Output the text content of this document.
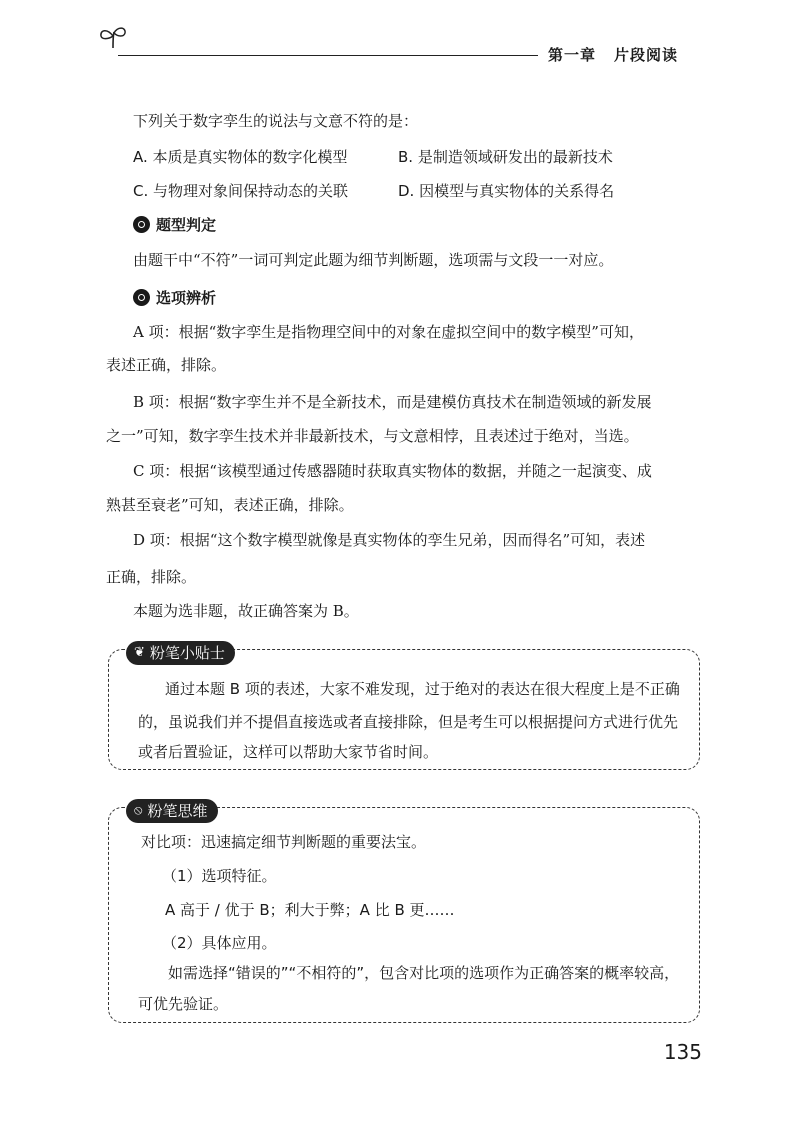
第一章 片段阅读
下列关于数字孪生的说法与文意不符的是：
A. 本质是真实物体的数字化模型	B. 是制造领域研发出的最新技术
C. 与物理对象间保持动态的关联	D. 因模型与真实物体的关系得名
题型判定
由题干中“不符”一词可判定此题为细节判断题，选项需与文段一一对应。
选项辨析
A 项：根据“数字孪生是指物理空间中的对象在虚拟空间中的数字模型”可知，
表述正确，排除。
B 项：根据“数字孪生并不是全新技术，而是建模仿真技术在制造领域的新发展
之一”可知，数字孪生技术并非最新技术，与文意相悖，且表述过于绝对，当选。
C 项：根据“该模型通过传感器随时获取真实物体的数据，并随之一起演变、成
熟甚至衰老”可知，表述正确，排除。
D 项：根据“这个数字模型就像是真实物体的孪生兄弟，因而得名”可知，表述
正确，排除。
本题为选非题，故正确答案为 B。
❦ 粉笔小贴士
通过本题 B 项的表述，大家不难发现，过于绝对的表达在很大程度上是不正确
的，虽说我们并不提倡直接选或者直接排除，但是考生可以根据提问方式进行优先
或者后置验证，这样可以帮助大家节省时间。
⦸ 粉笔思维
对比项：迅速搞定细节判断题的重要法宝。
（1）选项特征。
A 高于 / 优于 B；利大于弊；A 比 B 更……
（2）具体应用。
如需选择“错误的”“不相符的”，包含对比项的选项作为正确答案的概率较高，
可优先验证。
135
